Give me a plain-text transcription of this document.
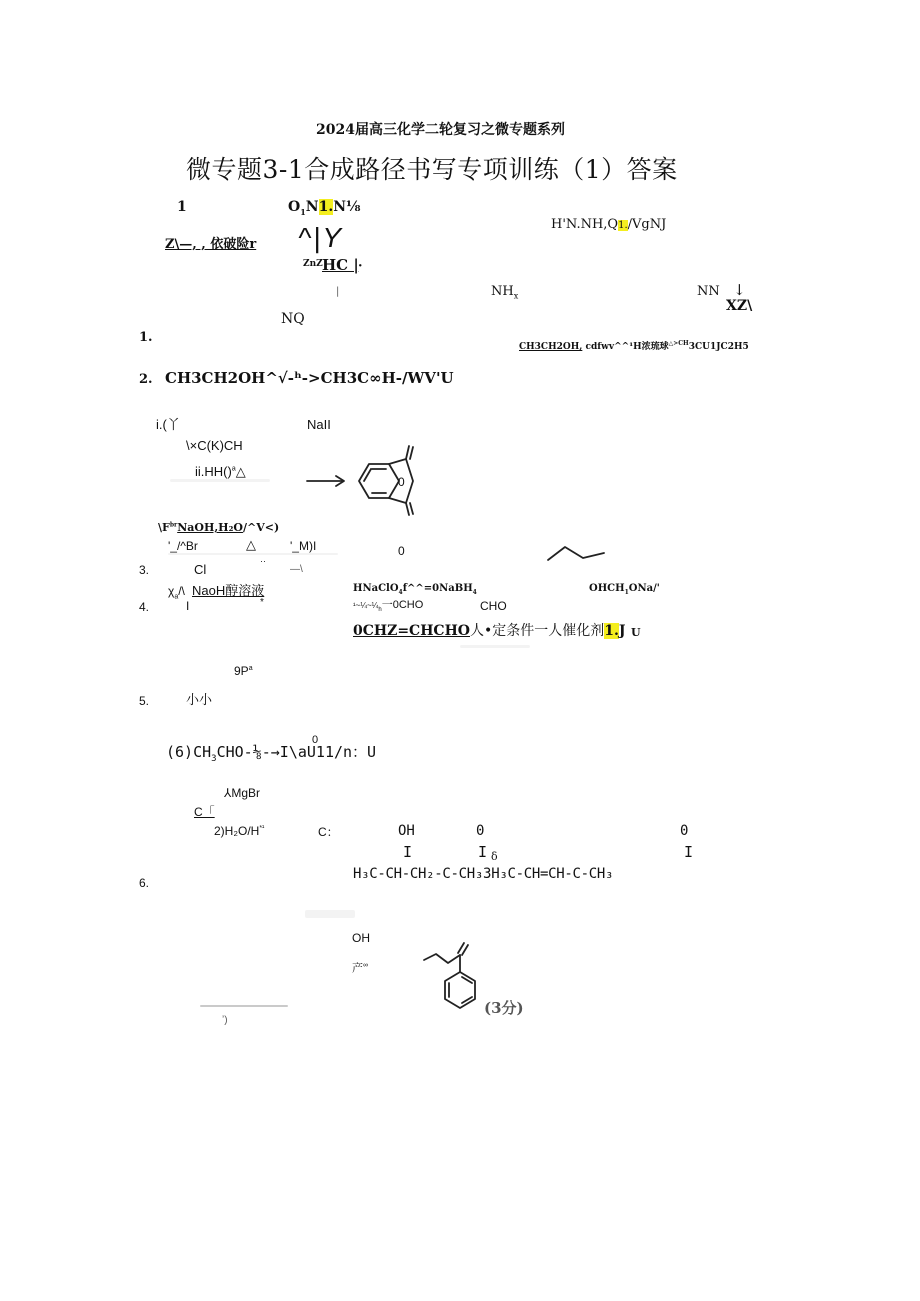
2024届高三化学二轮复习之微专题系列
微专题3-1合成路径书写专项训练（1）答案
1	$O_1N1.N\frac{1}{8}$
Z\—, , 依破险r ^|Y
ZnZ HC | ·
|
H'N.NH,Q1./VgNJ
$NH_x$	NN ↓
XZ\
NQ
1.
CH3CH2OH, cdfwv^^¹H浓琉球$^{\triangle>CH}$3CU1JC2H5
2. CH3CH2OH^√-ʰ->CH3C∞H-/WV'U
i.(丫	NaII
\×C(K)CH
ii.HH()$^a$△
0
$\backslash F^{br}NaOH,H_2O/\^{}V<$)
'_/^Br	△	'_M)I	0
3.	Cl
··
—\
$\chi_a/\backslash$ NaoH醇溶液
4.	I	*
HNaClO$_4$f^^=0NaBH$_4$	$OHCH_1ONa/'$
$^1\sim\frac{1}{4}\sim\frac{1}{4}_h$一0CHO	CHO
0CHZ=CHCHO人•定条件一人催化剂1.J U
$9P^a$
5.	小小
0
$(6)CH_3CHO-\frac{1}{8}-\to I\backslash aU11/n$：U
⅄MgBr
C「
$2)H_2O/H^{*^1}$	C：	OH	0	0
I	I δ	I
H₃C-CH-CH₂-C-CH₃3H₃C-CH=CH-C-CH₃
6.
OH
产∞
ʼ)
(3分)
